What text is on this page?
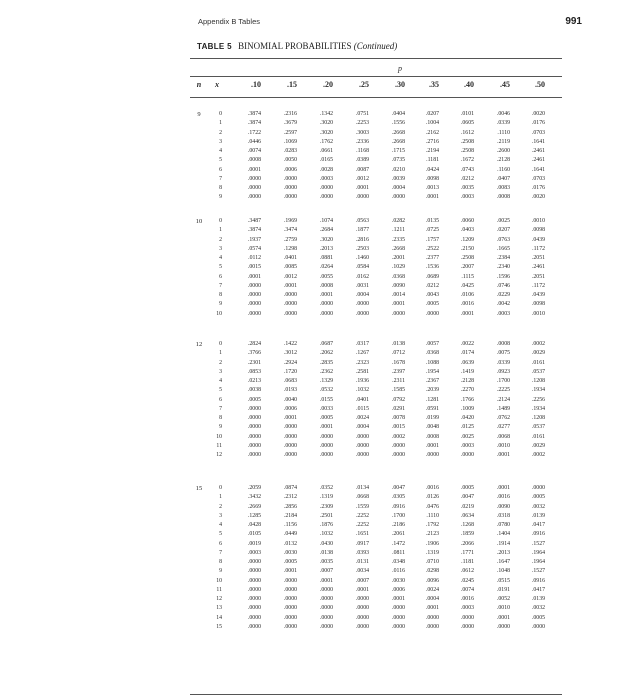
Appendix B Tables	991
TABLE 5 BINOMIAL PROBABILITIES (Continued)
p
n	x	.10	.15	.20	.25	.30	.35	.40	.45	.50
9	0	.3874	.2316	.1342	.0751	.0404	.0207	.0101	.0046	.0020
1	.3874	.3679	.3020	.2253	.1556	.1004	.0605	.0339	.0176
2	.1722	.2597	.3020	.3003	.2668	.2162	.1612	.1110	.0703
3	.0446	.1069	.1762	.2336	.2668	.2716	.2508	.2119	.1641
4	.0074	.0283	.0661	.1168	.1715	.2194	.2508	.2600	.2461
5	.0008	.0050	.0165	.0389	.0735	.1181	.1672	.2128	.2461
6	.0001	.0006	.0028	.0087	.0210	.0424	.0743	.1160	.1641
7	.0000	.0000	.0003	.0012	.0039	.0098	.0212	.0407	.0703
8	.0000	.0000	.0000	.0001	.0004	.0013	.0035	.0083	.0176
9	.0000	.0000	.0000	.0000	.0000	.0001	.0003	.0008	.0020
10	0	.3487	.1969	.1074	.0563	.0282	.0135	.0060	.0025	.0010
1	.3874	.3474	.2684	.1877	.1211	.0725	.0403	.0207	.0098
2	.1937	.2759	.3020	.2816	.2335	.1757	.1209	.0763	.0439
3	.0574	.1298	.2013	.2503	.2668	.2522	.2150	.1665	.1172
4	.0112	.0401	.0881	.1460	.2001	.2377	.2508	.2384	.2051
5	.0015	.0085	.0264	.0584	.1029	.1536	.2007	.2340	.2461
6	.0001	.0012	.0055	.0162	.0368	.0689	.1115	.1596	.2051
7	.0000	.0001	.0008	.0031	.0090	.0212	.0425	.0746	.1172
8	.0000	.0000	.0001	.0004	.0014	.0043	.0106	.0229	.0439
9	.0000	.0000	.0000	.0000	.0001	.0005	.0016	.0042	.0098
10	.0000	.0000	.0000	.0000	.0000	.0000	.0001	.0003	.0010
12	0	.2824	.1422	.0687	.0317	.0138	.0057	.0022	.0008	.0002
1	.3766	.3012	.2062	.1267	.0712	.0368	.0174	.0075	.0029
2	.2301	.2924	.2835	.2323	.1678	.1088	.0639	.0339	.0161
3	.0853	.1720	.2362	.2581	.2397	.1954	.1419	.0923	.0537
4	.0213	.0683	.1329	.1936	.2311	.2367	.2128	.1700	.1208
5	.0038	.0193	.0532	.1032	.1585	.2039	.2270	.2225	.1934
6	.0005	.0040	.0155	.0401	.0792	.1281	.1766	.2124	.2256
7	.0000	.0006	.0033	.0115	.0291	.0591	.1009	.1489	.1934
8	.0000	.0001	.0005	.0024	.0078	.0199	.0420	.0762	.1208
9	.0000	.0000	.0001	.0004	.0015	.0048	.0125	.0277	.0537
10	.0000	.0000	.0000	.0000	.0002	.0008	.0025	.0068	.0161
11	.0000	.0000	.0000	.0000	.0000	.0001	.0003	.0010	.0029
12	.0000	.0000	.0000	.0000	.0000	.0000	.0000	.0001	.0002
15	0	.2059	.0874	.0352	.0134	.0047	.0016	.0005	.0001	.0000
1	.3432	.2312	.1319	.0668	.0305	.0126	.0047	.0016	.0005
2	.2669	.2856	.2309	.1559	.0916	.0476	.0219	.0090	.0032
3	.1285	.2184	.2501	.2252	.1700	.1110	.0634	.0318	.0139
4	.0428	.1156	.1876	.2252	.2186	.1792	.1268	.0780	.0417
5	.0105	.0449	.1032	.1651	.2061	.2123	.1859	.1404	.0916
6	.0019	.0132	.0430	.0917	.1472	.1906	.2066	.1914	.1527
7	.0003	.0030	.0138	.0393	.0811	.1319	.1771	.2013	.1964
8	.0000	.0005	.0035	.0131	.0348	.0710	.1181	.1647	.1964
9	.0000	.0001	.0007	.0034	.0116	.0298	.0612	.1048	.1527
10	.0000	.0000	.0001	.0007	.0030	.0096	.0245	.0515	.0916
11	.0000	.0000	.0000	.0001	.0006	.0024	.0074	.0191	.0417
12	.0000	.0000	.0000	.0000	.0001	.0004	.0016	.0052	.0139
13	.0000	.0000	.0000	.0000	.0000	.0001	.0003	.0010	.0032
14	.0000	.0000	.0000	.0000	.0000	.0000	.0000	.0001	.0005
15	.0000	.0000	.0000	.0000	.0000	.0000	.0000	.0000	.0000
